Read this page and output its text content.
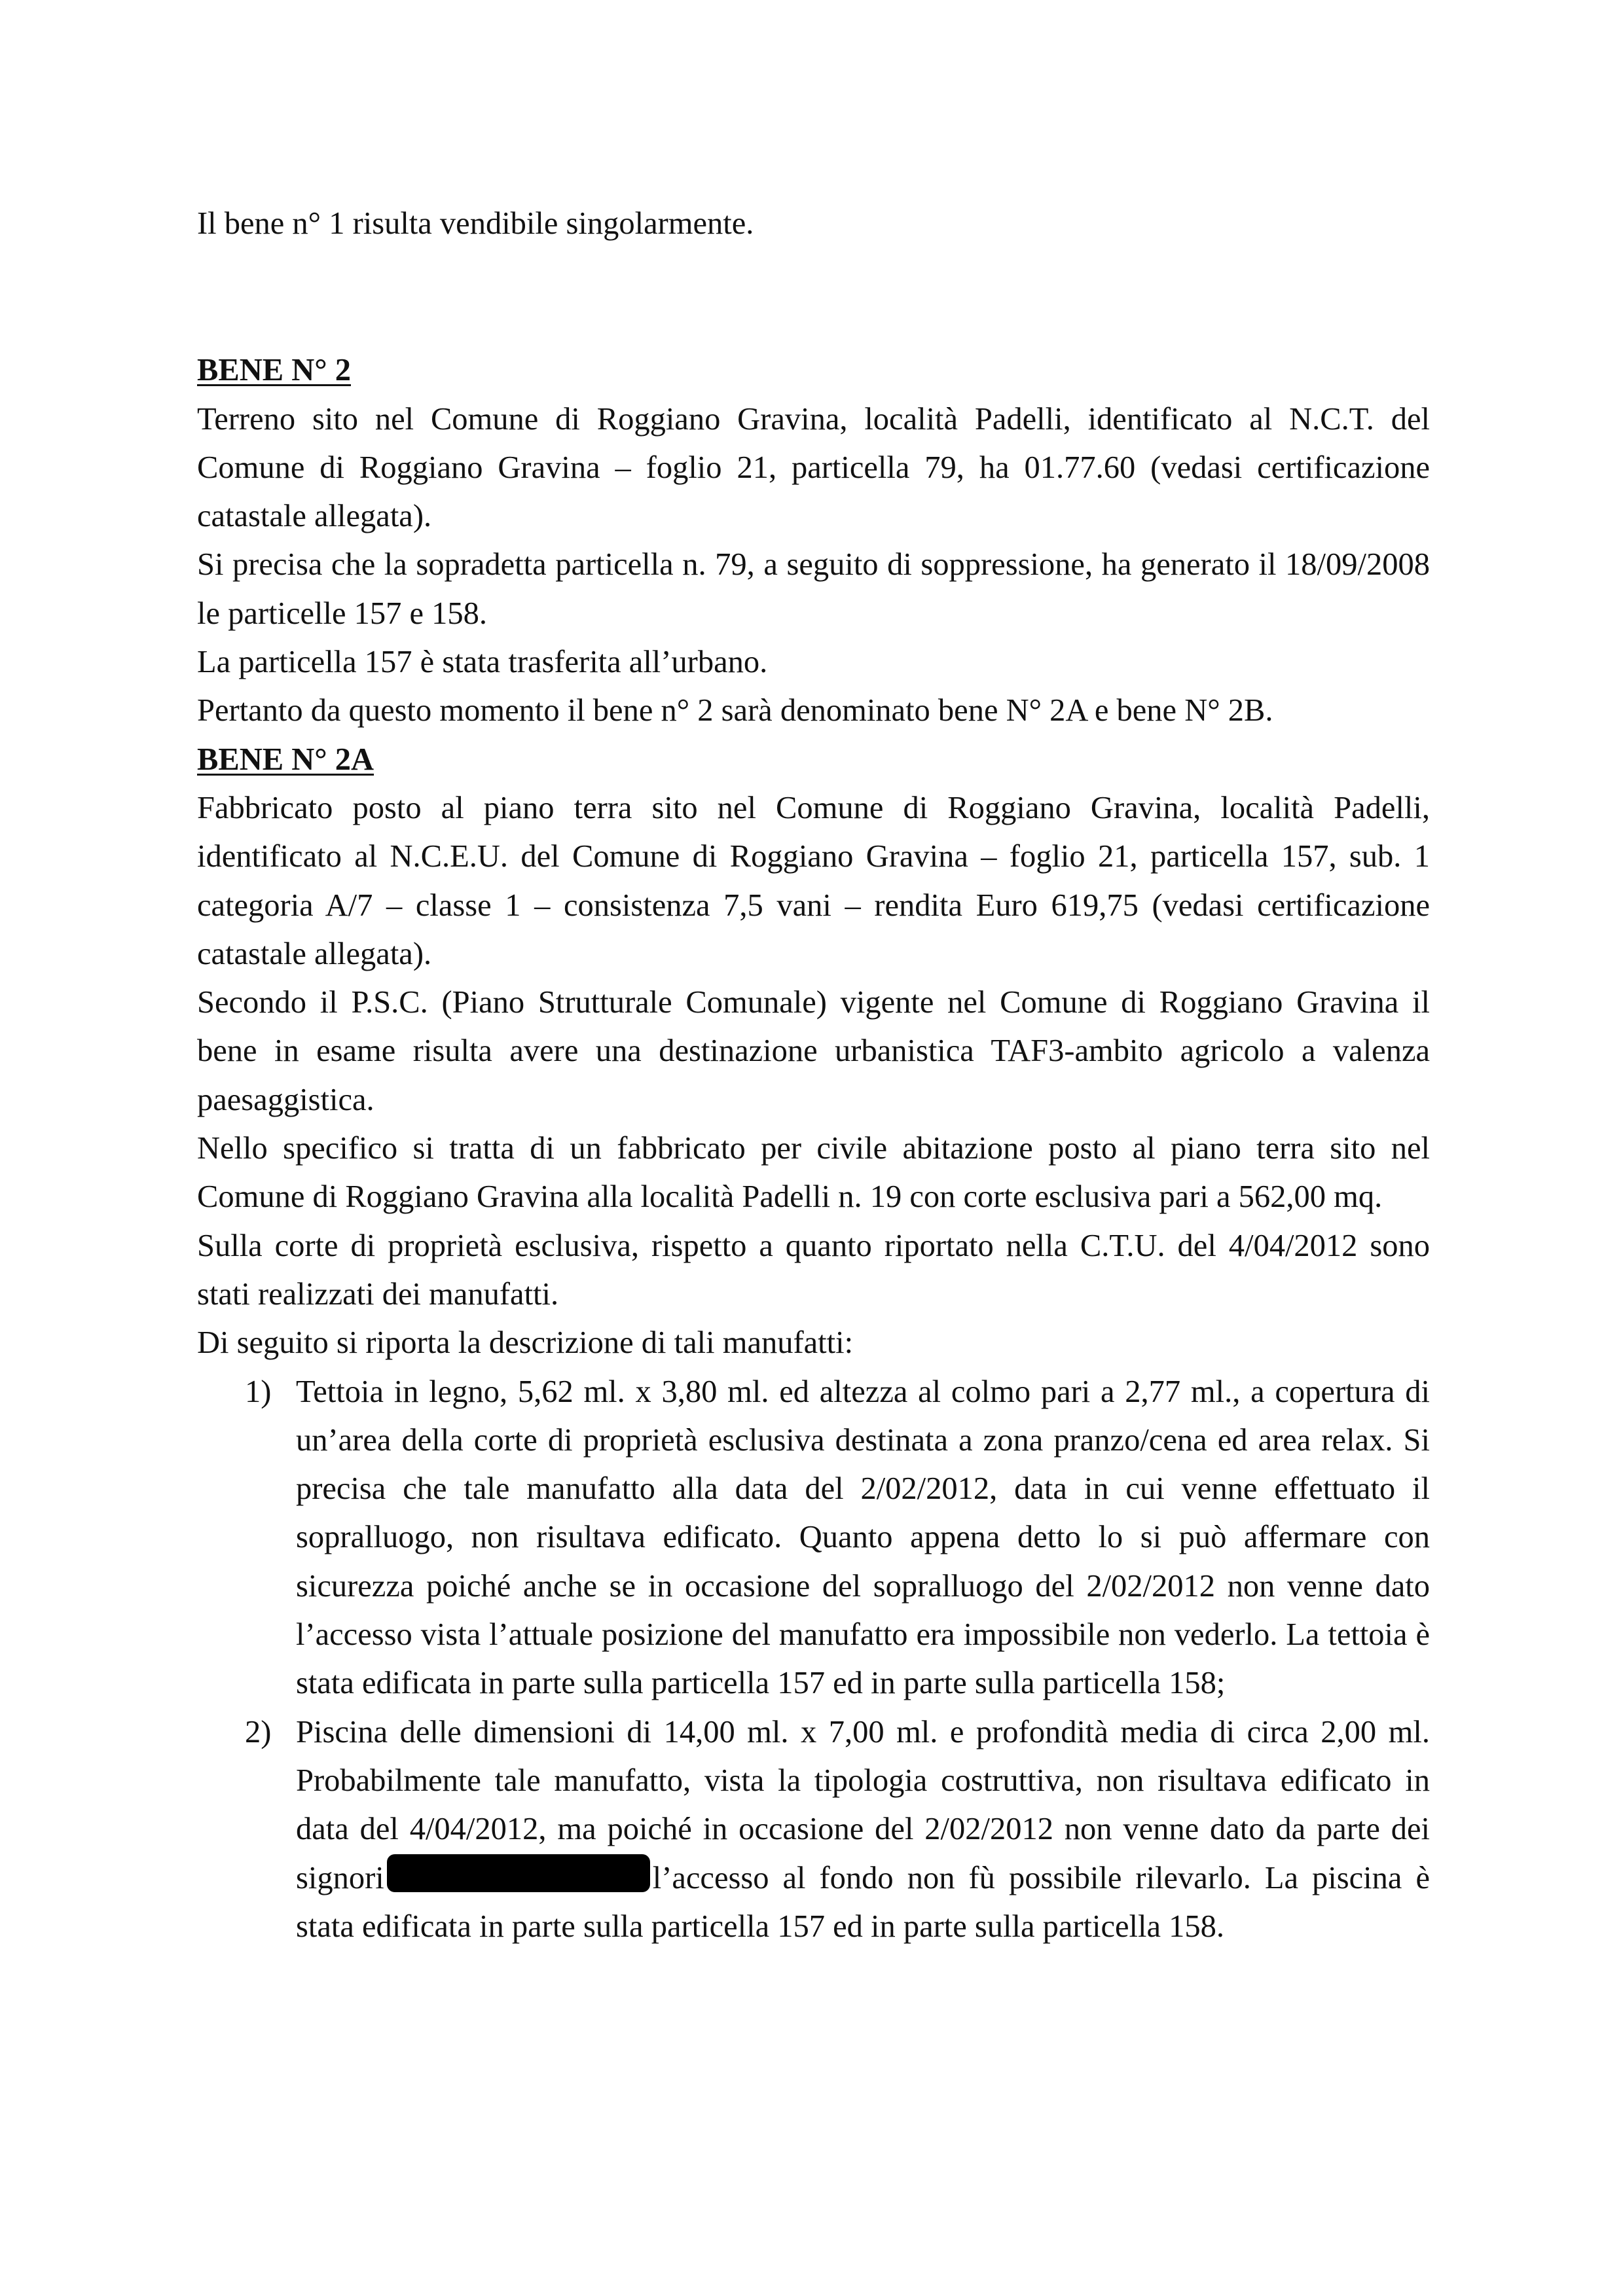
Il bene n° 1 risulta vendibile singolarmente.

BENE N° 2

Terreno sito nel Comune di Roggiano Gravina, località Padelli, identificato al N.C.T. del Comune di Roggiano Gravina – foglio 21, particella 79, ha 01.77.60 (vedasi certificazione catastale allegata).

Si precisa che la sopradetta particella n. 79, a seguito di soppressione, ha generato il 18/09/2008 le particelle 157 e 158.

La particella 157 è stata trasferita all’urbano.

Pertanto da questo momento il bene n° 2 sarà denominato bene N° 2A e bene N° 2B.

BENE N° 2A

Fabbricato posto al piano terra sito nel Comune di Roggiano Gravina, località Padelli, identificato al N.C.E.U. del Comune di Roggiano Gravina – foglio 21, particella 157, sub. 1 categoria A/7 – classe 1 – consistenza 7,5 vani – rendita Euro 619,75 (vedasi certificazione catastale allegata).

Secondo il P.S.C. (Piano Strutturale Comunale) vigente nel Comune di Roggiano Gravina il bene in esame risulta avere una destinazione urbanistica TAF3-ambito agricolo a valenza paesaggistica.

Nello specifico si tratta di un fabbricato per civile abitazione posto al piano terra sito nel Comune di Roggiano Gravina alla località Padelli n. 19 con corte esclusiva pari a 562,00 mq.

Sulla corte di proprietà esclusiva, rispetto a quanto riportato nella C.T.U. del 4/04/2012 sono stati realizzati dei manufatti.

Di seguito si riporta la descrizione di tali manufatti:

1) Tettoia in legno, 5,62 ml. x 3,80 ml. ed altezza al colmo pari a 2,77 ml., a copertura di un’area della corte di proprietà esclusiva destinata a zona pranzo/cena ed area relax. Si precisa che tale manufatto alla data del 2/02/2012, data in cui venne effettuato il sopralluogo, non risultava edificato. Quanto appena detto lo si può affermare con sicurezza poiché anche se in occasione del sopralluogo del 2/02/2012 non venne dato l’accesso vista l’attuale posizione del manufatto era impossibile non vederlo. La tettoia è stata edificata in parte sulla particella 157 ed in parte sulla particella 158;

2) Piscina delle dimensioni di 14,00 ml. x 7,00 ml. e profondità media di circa 2,00 ml. Probabilmente tale manufatto, vista la tipologia costruttiva, non risultava edificato in data del 4/04/2012, ma poiché in occasione del 2/02/2012 non venne dato da parte dei signori	l’accesso al fondo non fù possibile rilevarlo. La piscina è stata edificata in parte sulla particella 157 ed in parte sulla particella 158.
